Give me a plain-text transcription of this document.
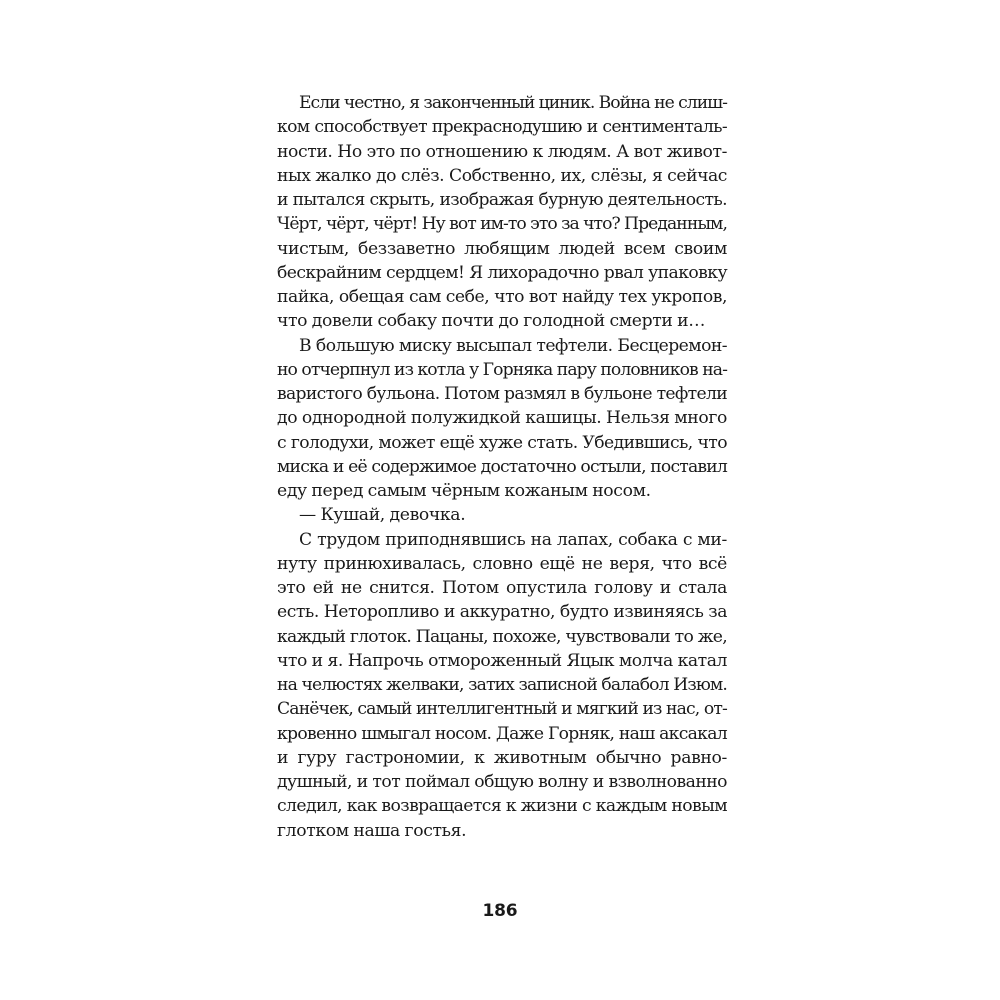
Если честно, я законченный циник. Война не слиш-
ком способствует прекраснодушию и сентименталь-
ности. Но это по отношению к людям. А вот живот-
ных жалко до слёз. Собственно, их, слёзы, я сейчас
и пытался скрыть, изображая бурную деятельность.
Чёрт, чёрт, чёрт! Ну вот им-то это за что? Преданным,
чистым, беззаветно любящим людей всем своим
бескрайним сердцем! Я лихорадочно рвал упаковку
пайка, обещая сам себе, что вот найду тех укропов,
что довели собаку почти до голодной смерти и…
В большую миску высыпал тефтели. Бесцеремон-
но отчерпнул из котла у Горняка пару половников на-
варистого бульона. Потом размял в бульоне тефтели
до однородной полужидкой кашицы. Нельзя много
с голодухи, может ещё хуже стать. Убедившись, что
миска и её содержимое достаточно остыли, поставил
еду перед самым чёрным кожаным носом.
— Кушай, девочка.
С трудом приподнявшись на лапах, собака с ми-
нуту принюхивалась, словно ещё не веря, что всё
это ей не снится. Потом опустила голову и стала
есть. Неторопливо и аккуратно, будто извиняясь за
каждый глоток. Пацаны, похоже, чувствовали то же,
что и я. Напрочь отмороженный Яцык молча катал
на челюстях желваки, затих записной балабол Изюм.
Санёчек, самый интеллигентный и мягкий из нас, от-
кровенно шмыгал носом. Даже Горняк, наш аксакал
и гуру гастрономии, к животным обычно равно-
душный, и тот поймал общую волну и взволнованно
следил, как возвращается к жизни с каждым новым
глотком наша гостья.
186
